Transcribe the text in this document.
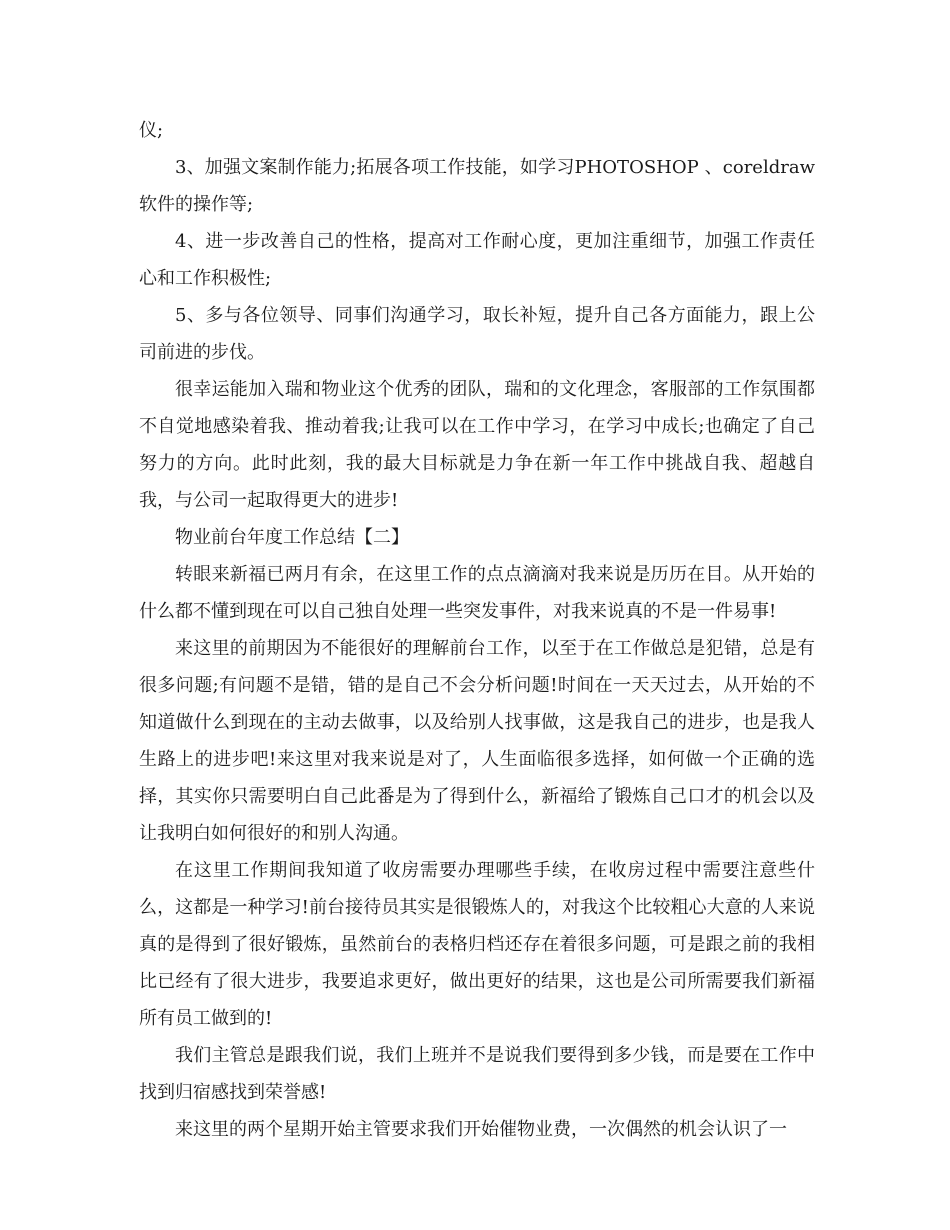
仪;

3、加强文案制作能力;拓展各项工作技能，如学习PHOTOSHOP 、coreldraw软件的操作等;

4、进一步改善自己的性格，提高对工作耐心度，更加注重细节，加强工作责任心和工作积极性;

5、多与各位领导、同事们沟通学习，取长补短，提升自己各方面能力，跟上公司前进的步伐。

很幸运能加入瑞和物业这个优秀的团队，瑞和的文化理念，客服部的工作氛围都不自觉地感染着我、推动着我;让我可以在工作中学习，在学习中成长;也确定了自己努力的方向。此时此刻，我的最大目标就是力争在新一年工作中挑战自我、超越自我，与公司一起取得更大的进步!

物业前台年度工作总结【二】

转眼来新福已两月有余，在这里工作的点点滴滴对我来说是历历在目。从开始的什么都不懂到现在可以自己独自处理一些突发事件，对我来说真的不是一件易事!

来这里的前期因为不能很好的理解前台工作，以至于在工作做总是犯错，总是有很多问题;有问题不是错，错的是自己不会分析问题!时间在一天天过去，从开始的不知道做什么到现在的主动去做事，以及给别人找事做，这是我自己的进步，也是我人生路上的进步吧!来这里对我来说是对了，人生面临很多选择，如何做一个正确的选择，其实你只需要明白自己此番是为了得到什么，新福给了锻炼自己口才的机会以及让我明白如何很好的和别人沟通。

在这里工作期间我知道了收房需要办理哪些手续，在收房过程中需要注意些什么，这都是一种学习!前台接待员其实是很锻炼人的，对我这个比较粗心大意的人来说真的是得到了很好锻炼，虽然前台的表格归档还存在着很多问题，可是跟之前的我相比已经有了很大进步，我要追求更好，做出更好的结果，这也是公司所需要我们新福所有员工做到的!

我们主管总是跟我们说，我们上班并不是说我们要得到多少钱，而是要在工作中找到归宿感找到荣誉感!

来这里的两个星期开始主管要求我们开始催物业费，一次偶然的机会认识了一
